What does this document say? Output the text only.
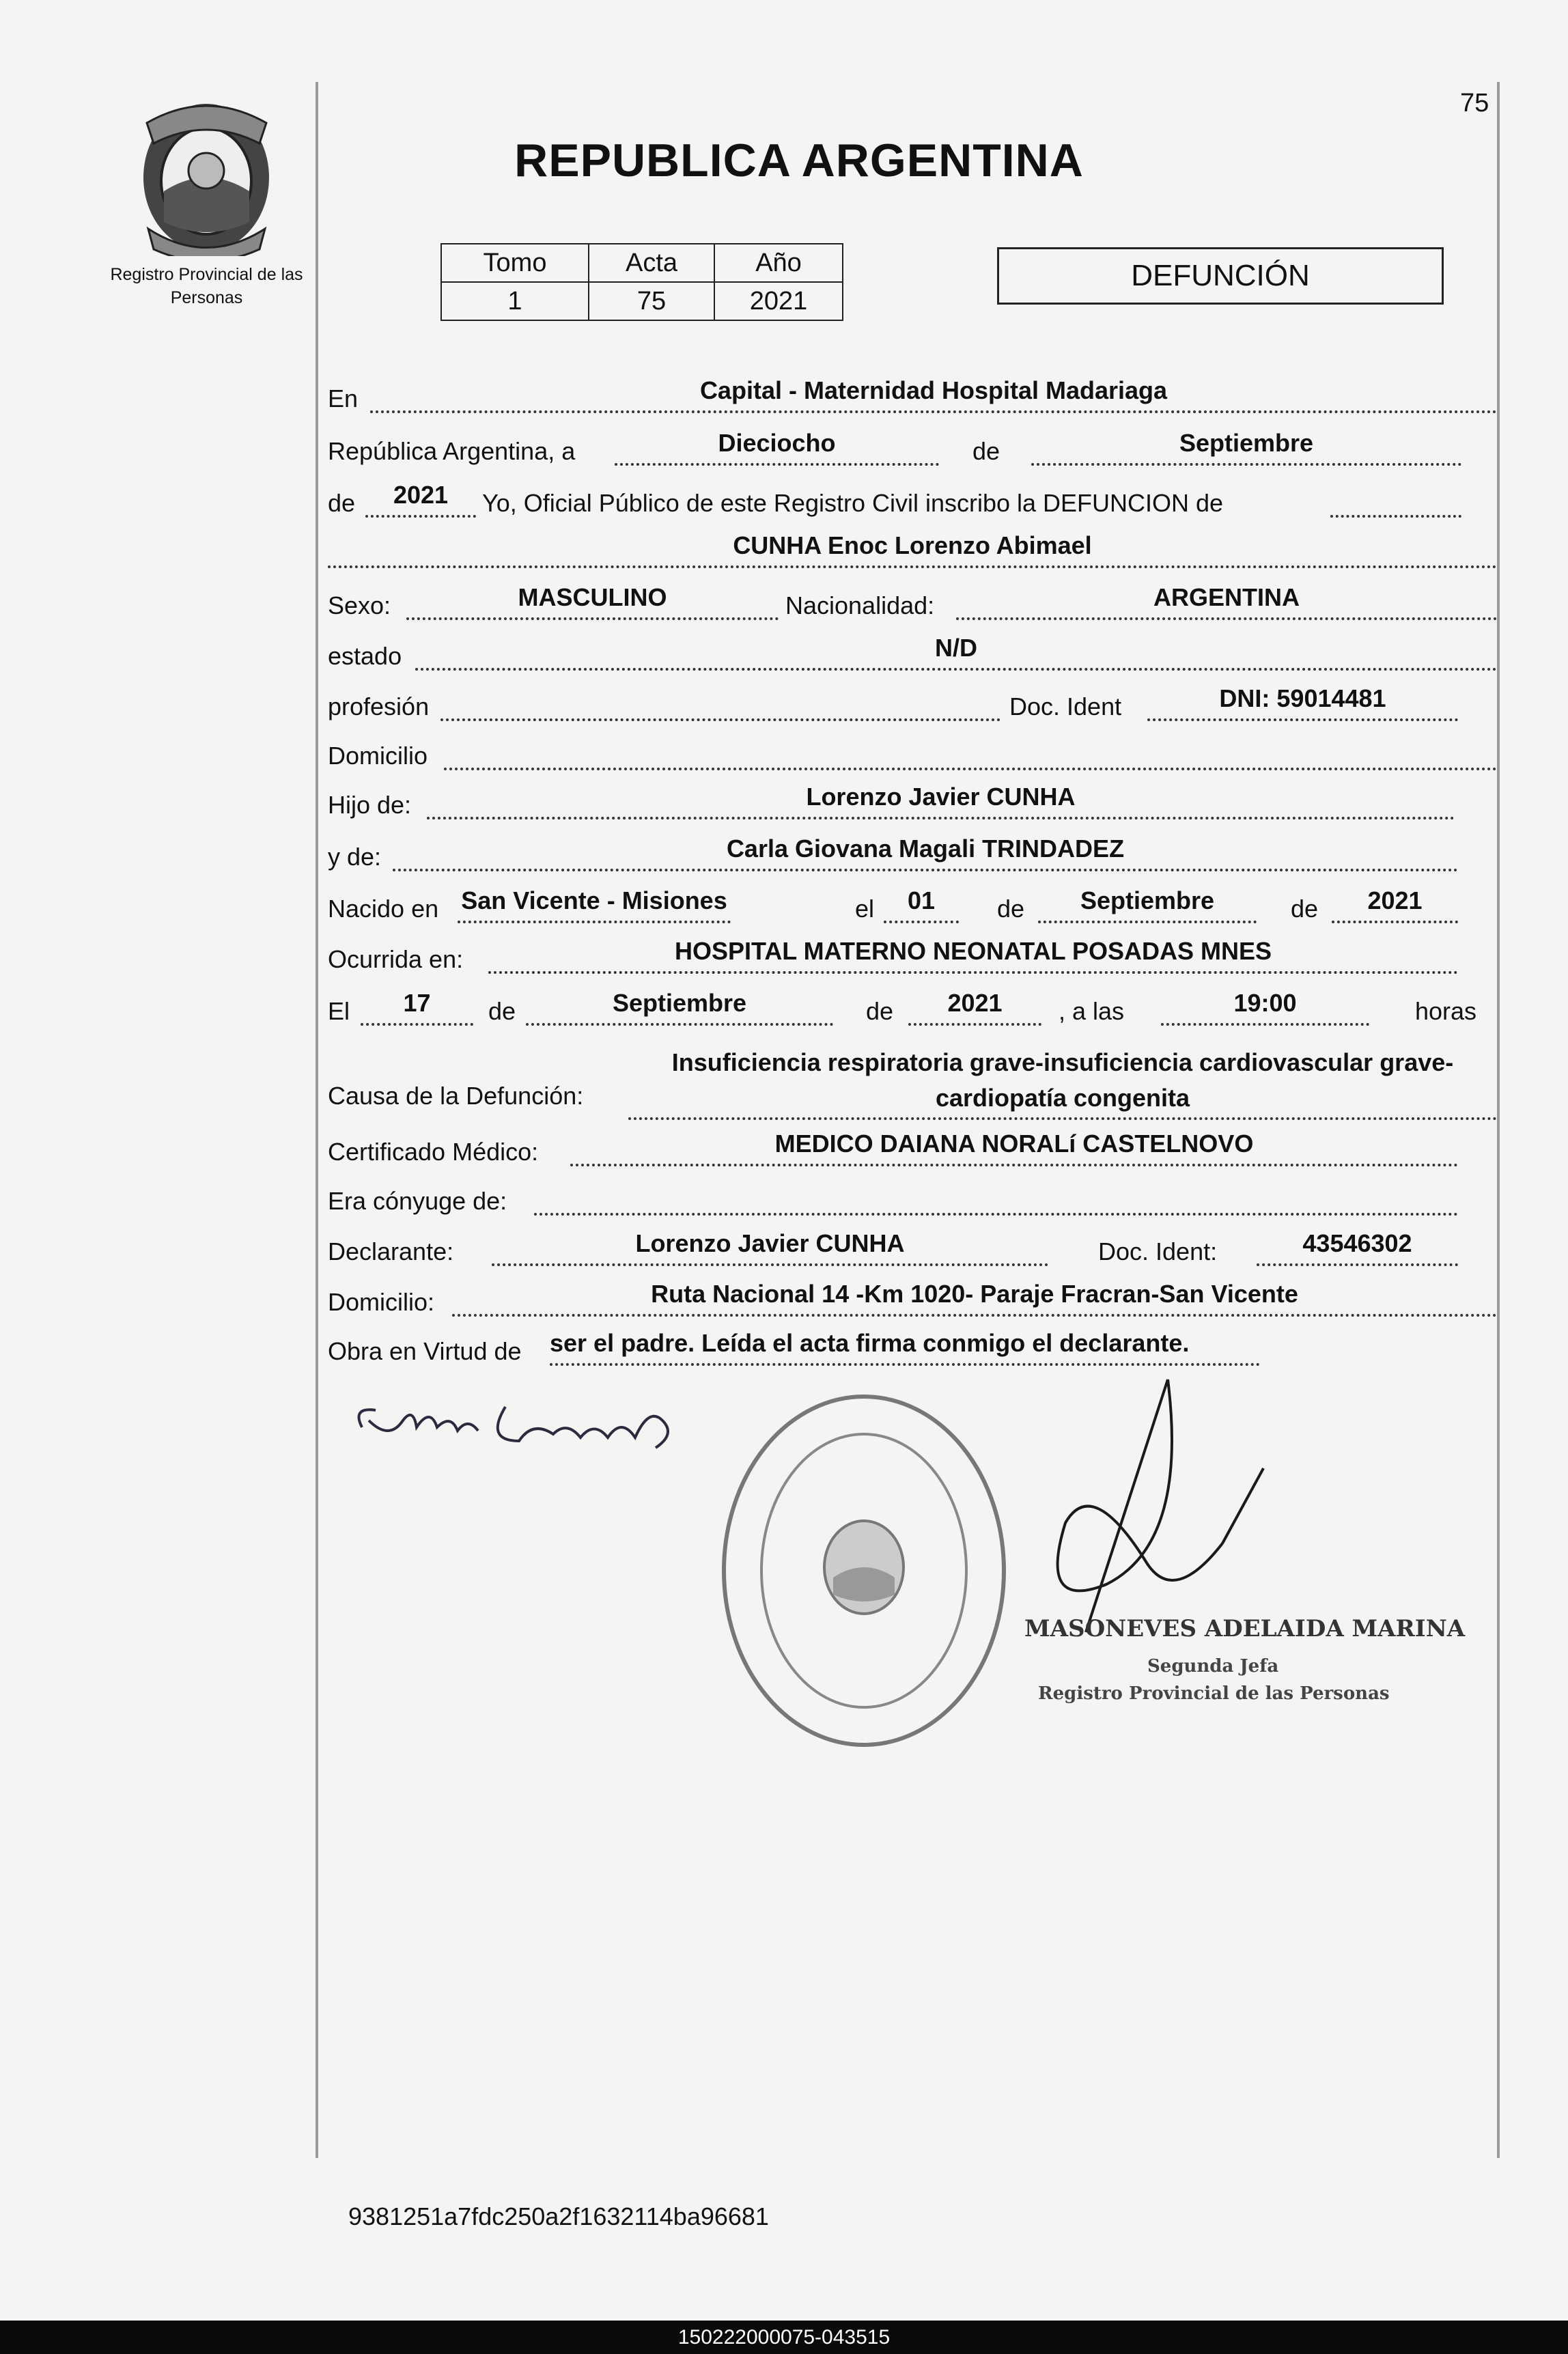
75
Registro Provincial de las Personas
REPUBLICA ARGENTINA
Tomo	Acta	Año
1	75	2021
DEFUNCIÓN
En	Capital - Maternidad Hospital Madariaga
República Argentina, a	Dieciocho	de	Septiembre
de	2021	Yo, Oficial Público de este Registro Civil inscribo la DEFUNCION de
CUNHA Enoc Lorenzo Abimael
Sexo:	MASCULINO	Nacionalidad:	ARGENTINA
estado	N/D
profesión	Doc. Ident	DNI: 59014481
Domicilio
Hijo de:	Lorenzo Javier CUNHA
y de:	Carla Giovana Magali TRINDADEZ
Nacido en San Vicente - Misiones	el	01	de	Septiembre	de	2021
Ocurrida en:	HOSPITAL MATERNO NEONATAL POSADAS MNES
El	17	de	Septiembre	de	2021	, a las	19:00	horas
Causa de la Defunción:
Insuficiencia respiratoria grave-insuficiencia cardiovascular grave-cardiopatía congenita
Certificado Médico:	MEDICO DAIANA NORALí CASTELNOVO
Era cónyuge de:
Declarante:	Lorenzo Javier CUNHA	Doc. Ident:	43546302
Domicilio:	Ruta Nacional 14 -Km 1020- Paraje Fracran-San Vicente
Obra en Virtud de ser el padre. Leída el acta firma conmigo el declarante.
MASONEVES ADELAIDA MARINA
Segunda Jefa
Registro Provincial de las Personas
9381251a7fdc250a2f1632114ba96681
150222000075-043515
